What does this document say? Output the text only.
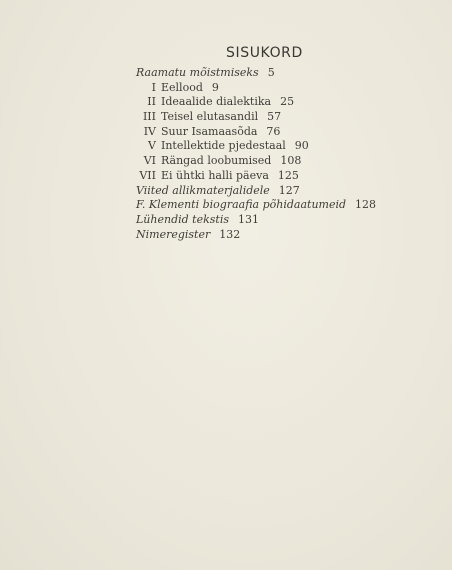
SISUKORD
Raamatu mõistmiseks 5
I Eellood 9
II Ideaalide dialektika 25
III Teisel elutasandil 57
IV Suur Isamaasõda 76
V Intellektide pjedestaal 90
VI Rängad loobumised 108
VII Ei ühtki halli päeva 125
Viited allikmaterjalidele 127
F. Klementi biograafia põhidaatumeid 128
Lühendid tekstis 131
Nimeregister 132
